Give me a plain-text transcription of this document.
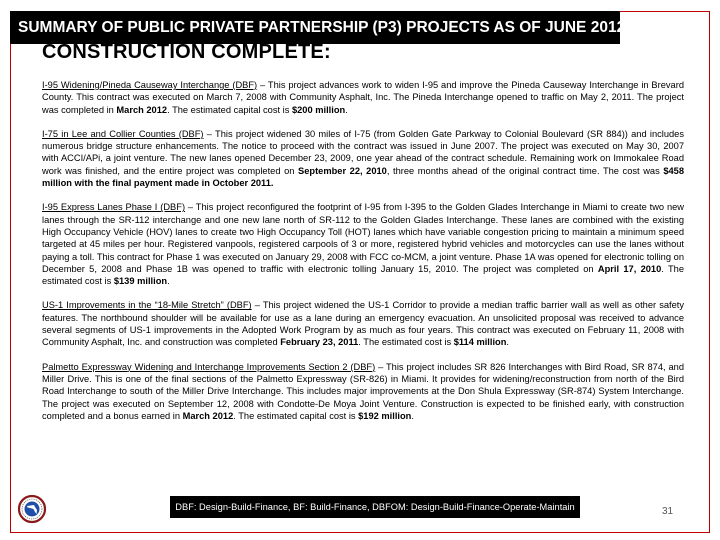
SUMMARY OF PUBLIC PRIVATE PARTNERSHIP (P3) PROJECTS AS OF JUNE 2012
CONSTRUCTION COMPLETE:

I-95 Widening/Pineda Causeway Interchange (DBF) – This project advances work to widen I-95 and improve the Pineda Causeway Interchange in Brevard County. This contract was executed on March 7, 2008 with Community Asphalt, Inc. The Pineda Interchange opened to traffic on May 2, 2011. The project was completed in March 2012. The estimated capital cost is $200 million.

I-75 in Lee and Collier Counties (DBF) – This project widened 30 miles of I-75 (from Golden Gate Parkway to Colonial Boulevard (SR 884)) and includes numerous bridge structure enhancements. The notice to proceed with the contract was issued in June 2007. The project was executed on May 30, 2007 with ACCI/APi, a joint venture. The new lanes opened December 23, 2009, one year ahead of the contract schedule. Remaining work on Immokalee Road work was finished, and the entire project was completed on September 22, 2010, three months ahead of the original contract time. The cost was $458 million with the final payment made in October 2011.

I-95 Express Lanes Phase I (DBF) – This project reconfigured the footprint of I-95 from I-395 to the Golden Glades Interchange in Miami to create two new lanes through the SR-112 interchange and one new lane north of SR-112 to the Golden Glades Interchange. These lanes are combined with the existing High Occupancy Vehicle (HOV) lanes to create two High Occupancy Toll (HOT) lanes which have variable congestion pricing to maintain a minimum speed targeted at 45 miles per hour. Registered vanpools, registered carpools of 3 or more, registered hybrid vehicles and motorcycles can use the lanes without paying a toll. This contract for Phase 1 was executed on January 29, 2008 with FCC co-MCM, a joint venture. Phase 1A was opened for electronic tolling on December 5, 2008 and Phase 1B was opened to traffic with electronic tolling January 15, 2010. The project was completed on April 17, 2010. The estimated cost is $139 million.

US-1 Improvements in the “18-Mile Stretch” (DBF) – This project widened the US-1 Corridor to provide a median traffic barrier wall as well as other safety features. The northbound shoulder will be available for use as a lane during an emergency evacuation. An unsolicited proposal was received to advance several segments of US-1 improvements in the Adopted Work Program by as much as four years. This contract was executed on February 11, 2008 with Community Asphalt, Inc. and construction was completed February 23, 2011. The estimated cost is $114 million.

Palmetto Expressway Widening and Interchange Improvements Section 2 (DBF) – This project includes SR 826 Interchanges with Bird Road, SR 874, and Miller Drive. This is one of the final sections of the Palmetto Expressway (SR-826) in Miami. It provides for widening/reconstruction from north of the Bird Road Interchange to south of the Miller Drive Interchange. This includes major improvements at the Don Shula Expressway (SR-874) System Interchange. The project was executed on September 12, 2008 with Condotte-De Moya Joint Venture. Construction is expected to be finished early, with construction completed and a bonus earned in March 2012. The estimated capital cost is $192 million.

DBF: Design-Build-Finance, BF: Build-Finance, DBFOM: Design-Build-Finance-Operate-Maintain	31
